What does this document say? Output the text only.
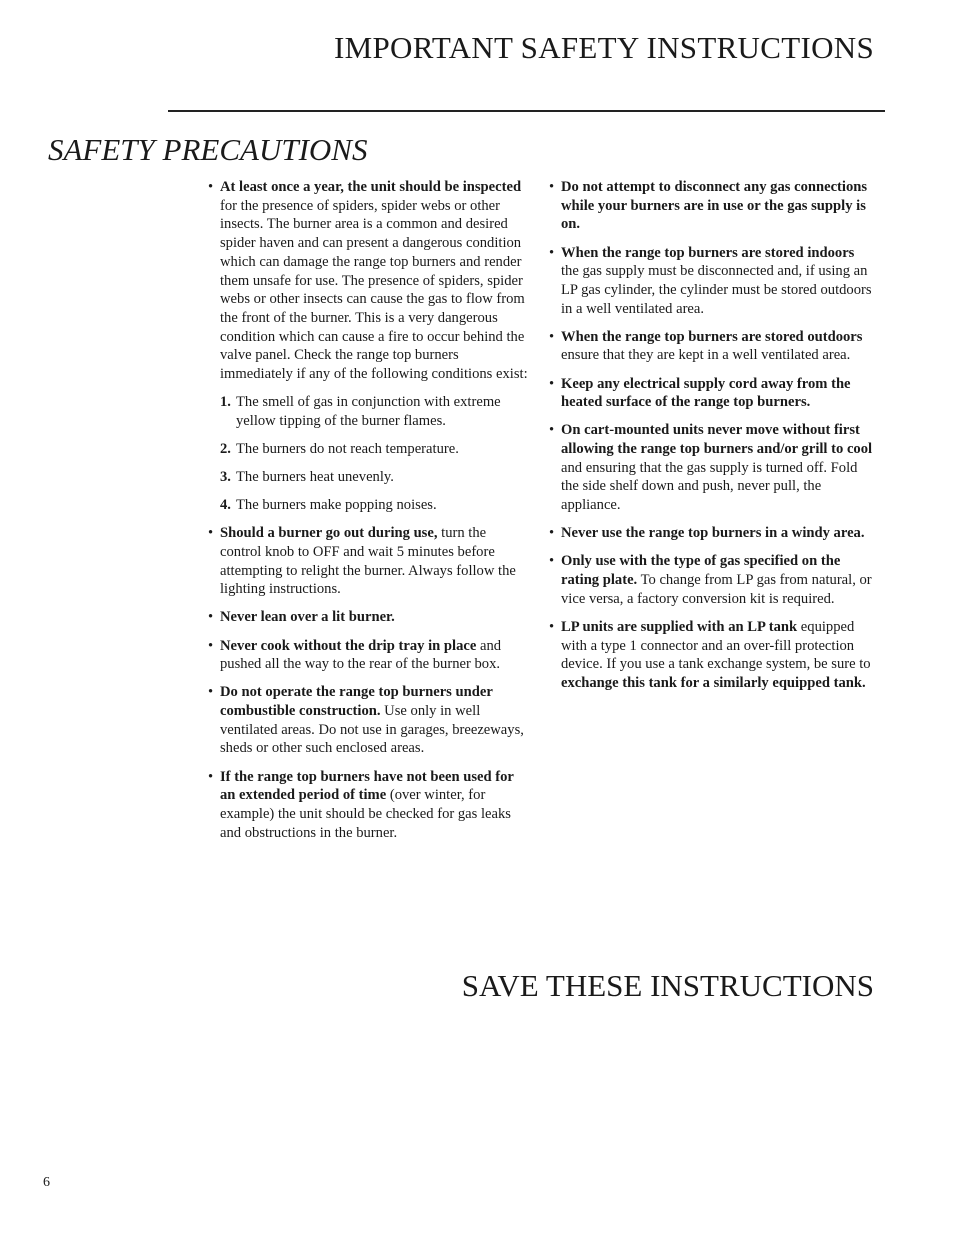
IMPORTANT SAFETY INSTRUCTIONS
SAFETY PRECAUTIONS
• At least once a year, the unit should be inspected for the presence of spiders, spider webs or other insects. The burner area is a common and desired spider haven and can present a dangerous condition which can damage the range top burners and render them unsafe for use. The presence of spiders, spider webs or other insects can cause the gas to flow from the front of the burner. This is a very dangerous condition which can cause a fire to occur behind the valve panel. Check the range top burners immediately if any of the following conditions exist:
1. The smell of gas in conjunction with extreme yellow tipping of the burner flames.
2. The burners do not reach temperature.
3. The burners heat unevenly.
4. The burners make popping noises.
• Should a burner go out during use, turn the control knob to OFF and wait 5 minutes before attempting to relight the burner. Always follow the lighting instructions.
• Never lean over a lit burner.
• Never cook without the drip tray in place and pushed all the way to the rear of the burner box.
• Do not operate the range top burners under combustible construction. Use only in well ventilated areas. Do not use in garages, breezeways, sheds or other such enclosed areas.
• If the range top burners have not been used for an extended period of time (over winter, for example) the unit should be checked for gas leaks and obstructions in the burner.
• Do not attempt to disconnect any gas connections while your burners are in use or the gas supply is on.
• When the range top burners are stored indoors the gas supply must be disconnected and, if using an LP gas cylinder, the cylinder must be stored outdoors in a well ventilated area.
• When the range top burners are stored outdoors ensure that they are kept in a well ventilated area.
• Keep any electrical supply cord away from the heated surface of the range top burners.
• On cart-mounted units never move without first allowing the range top burners and/or grill to cool and ensuring that the gas supply is turned off. Fold the side shelf down and push, never pull, the appliance.
• Never use the range top burners in a windy area.
• Only use with the type of gas specified on the rating plate. To change from LP gas from natural, or vice versa, a factory conversion kit is required.
• LP units are supplied with an LP tank equipped with a type 1 connector and an over-fill protection device. If you use a tank exchange system, be sure to exchange this tank for a similarly equipped tank.
SAVE THESE INSTRUCTIONS
6
